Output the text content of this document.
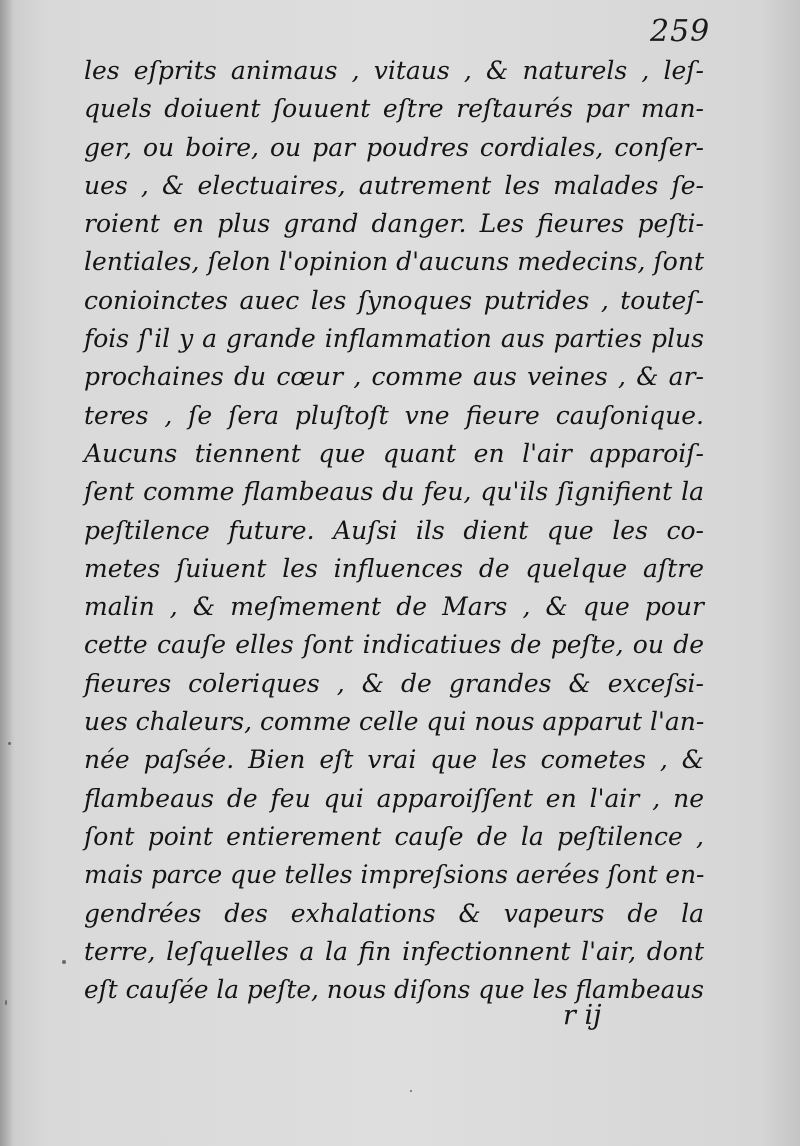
259
les eſprits animaus , vitaus , & naturels , leſ-
quels doiuent ſouuent eſtre reſtaurés par man-
ger, ou boire, ou par poudres cordiales, conſer-
ues , & electuaires, autrement les malades ſe-
roient en plus grand danger. Les fieures peſti-
lentiales, ſelon l'opinion d'aucuns medecins, ſont
conioinctes auec les ſynoques putrides , touteſ-
fois ſ'il y a grande inflammation aus parties plus
prochaines du cœur , comme aus veines , & ar-
teres , ſe ſera pluſtoſt vne fieure cauſonique.
Aucuns tiennent que quant en l'air apparoiſ-
ſent comme flambeaus du feu, qu'ils ſignifient la
peſtilence future. Auſsi ils dient que les co-
metes ſuiuent les influences de quelque aſtre
malin , & meſmement de Mars , & que pour
cette cauſe elles ſont indicatiues de peſte, ou de
fieures coleriques , & de grandes & exceſsi-
ues chaleurs, comme celle qui nous apparut l'an-
née paſsée. Bien eſt vrai que les cometes , &
flambeaus de feu qui apparoiſſent en l'air , ne
ſont point entierement cauſe de la peſtilence ,
mais parce que telles impreſsions aerées ſont en-
gendrées des exhalations & vapeurs de la
terre, leſquelles a la fin infectionnent l'air, dont
eſt cauſée la peſte, nous diſons que les flambeaus
r ij
